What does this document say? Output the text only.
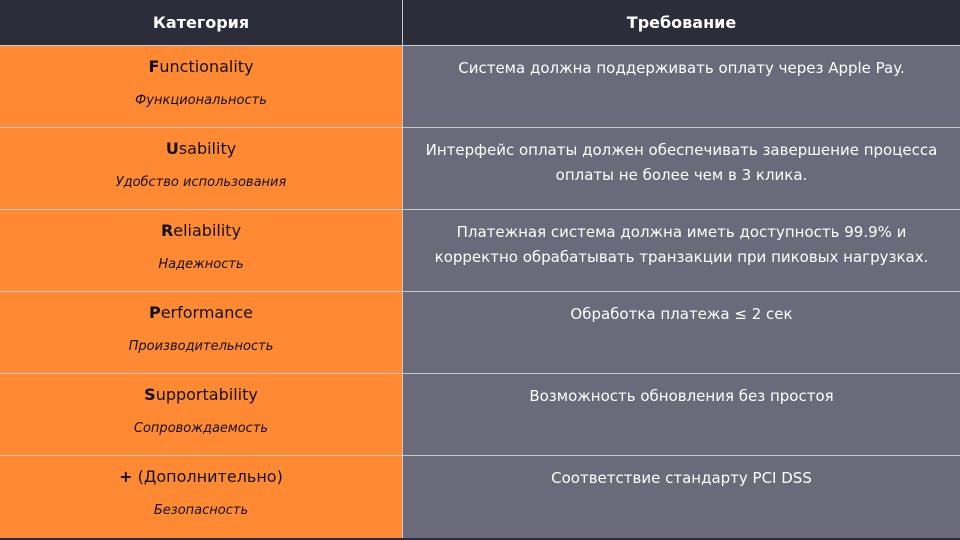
Категория	Требование
Functionality
Функциональность
Система должна поддерживать оплату через Apple Pay.
Usability
Удобство использования
Интерфейс оплаты должен обеспечивать завершение процесса оплаты не более чем в 3 клика.
Reliability
Надежность
Платежная система должна иметь доступность 99.9% и корректно обрабатывать транзакции при пиковых нагрузках.
Performance
Производительность
Обработка платежа ≤ 2 сек
Supportability
Сопровождаемость
Возможность обновления без простоя
+ (Дополнительно)
Безопасность
Соответствие стандарту PCI DSS
